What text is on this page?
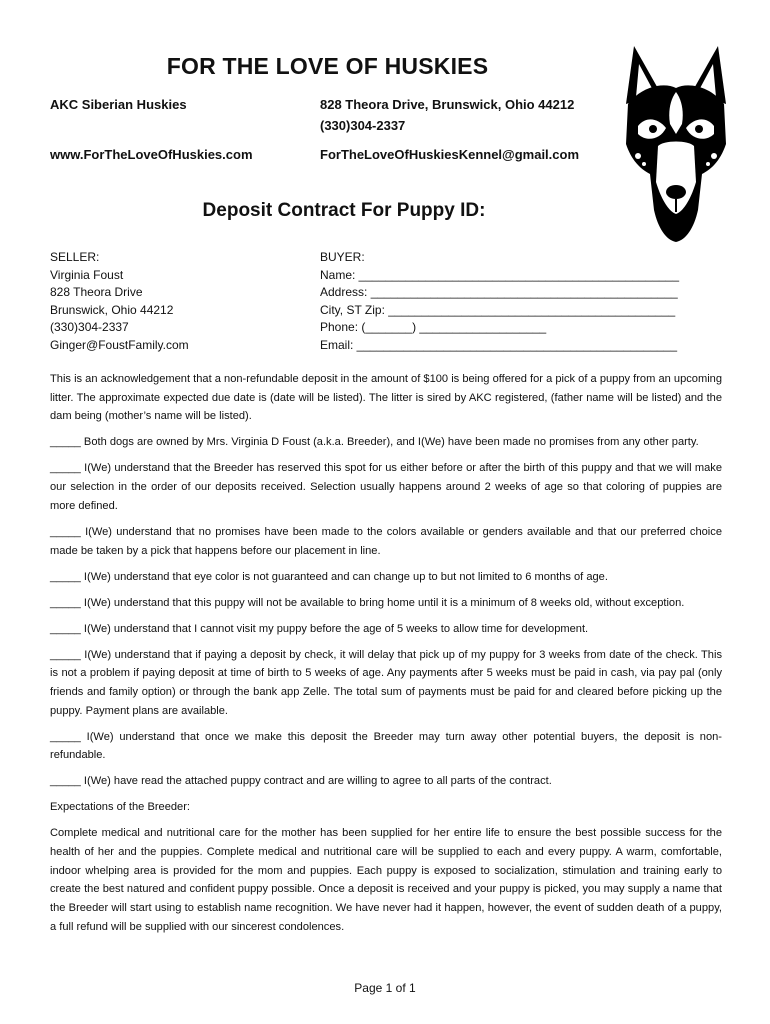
FOR THE LOVE OF HUSKIES
AKC Siberian Huskies	828 Theora Drive, Brunswick, Ohio 44212
(330)304-2337
www.ForTheLoveOfHuskies.com	ForTheLoveOfHuskiesKennel@gmail.com
Deposit Contract For Puppy ID:
SELLER:
Virginia Foust
828 Theora Drive
Brunswick, Ohio 44212
(330)304-2337
Ginger@FoustFamily.com
BUYER:
Name: ________________________________________________
Address: ______________________________________________
City, ST Zip: ___________________________________________
Phone: (_______) ___________________
Email: ________________________________________________

This is an acknowledgement that a non-refundable deposit in the amount of $100 is being offered for a pick of a puppy from an upcoming litter. The approximate expected due date is (date will be listed). The litter is sired by AKC registered, (father name will be listed) and the dam being (mother’s name will be listed).

_____ Both dogs are owned by Mrs. Virginia D Foust (a.k.a. Breeder), and I(We) have been made no promises from any other party.

_____ I(We) understand that the Breeder has reserved this spot for us either before or after the birth of this puppy and that we will make our selection in the order of our deposits received. Selection usually happens around 2 weeks of age so that coloring of puppies are more defined.

_____ I(We) understand that no promises have been made to the colors available or genders available and that our preferred choice made be taken by a pick that happens before our placement in line.

_____ I(We) understand that eye color is not guaranteed and can change up to but not limited to 6 months of age.

_____ I(We) understand that this puppy will not be available to bring home until it is a minimum of 8 weeks old, without exception.

_____ I(We) understand that I cannot visit my puppy before the age of 5 weeks to allow time for development.

_____ I(We) understand that if paying a deposit by check, it will delay that pick up of my puppy for 3 weeks from date of the check. This is not a problem if paying deposit at time of birth to 5 weeks of age. Any payments after 5 weeks must be paid in cash, via pay pal (only friends and family option) or through the bank app Zelle. The total sum of payments must be paid for and cleared before picking up the puppy. Payment plans are available.

_____ I(We) understand that once we make this deposit the Breeder may turn away other potential buyers, the deposit is non-refundable.

_____ I(We) have read the attached puppy contract and are willing to agree to all parts of the contract.

Expectations of the Breeder:

Complete medical and nutritional care for the mother has been supplied for her entire life to ensure the best possible success for the health of her and the puppies. Complete medical and nutritional care will be supplied to each and every puppy. A warm, comfortable, indoor whelping area is provided for the mom and puppies. Each puppy is exposed to socialization, stimulation and training early to create the best natured and confident puppy possible. Once a deposit is received and your puppy is picked, you may supply a name that the Breeder will start using to establish name recognition. We have never had it happen, however, the event of sudden death of a puppy, a full refund will be supplied with our sincerest condolences.

Page 1 of 1
